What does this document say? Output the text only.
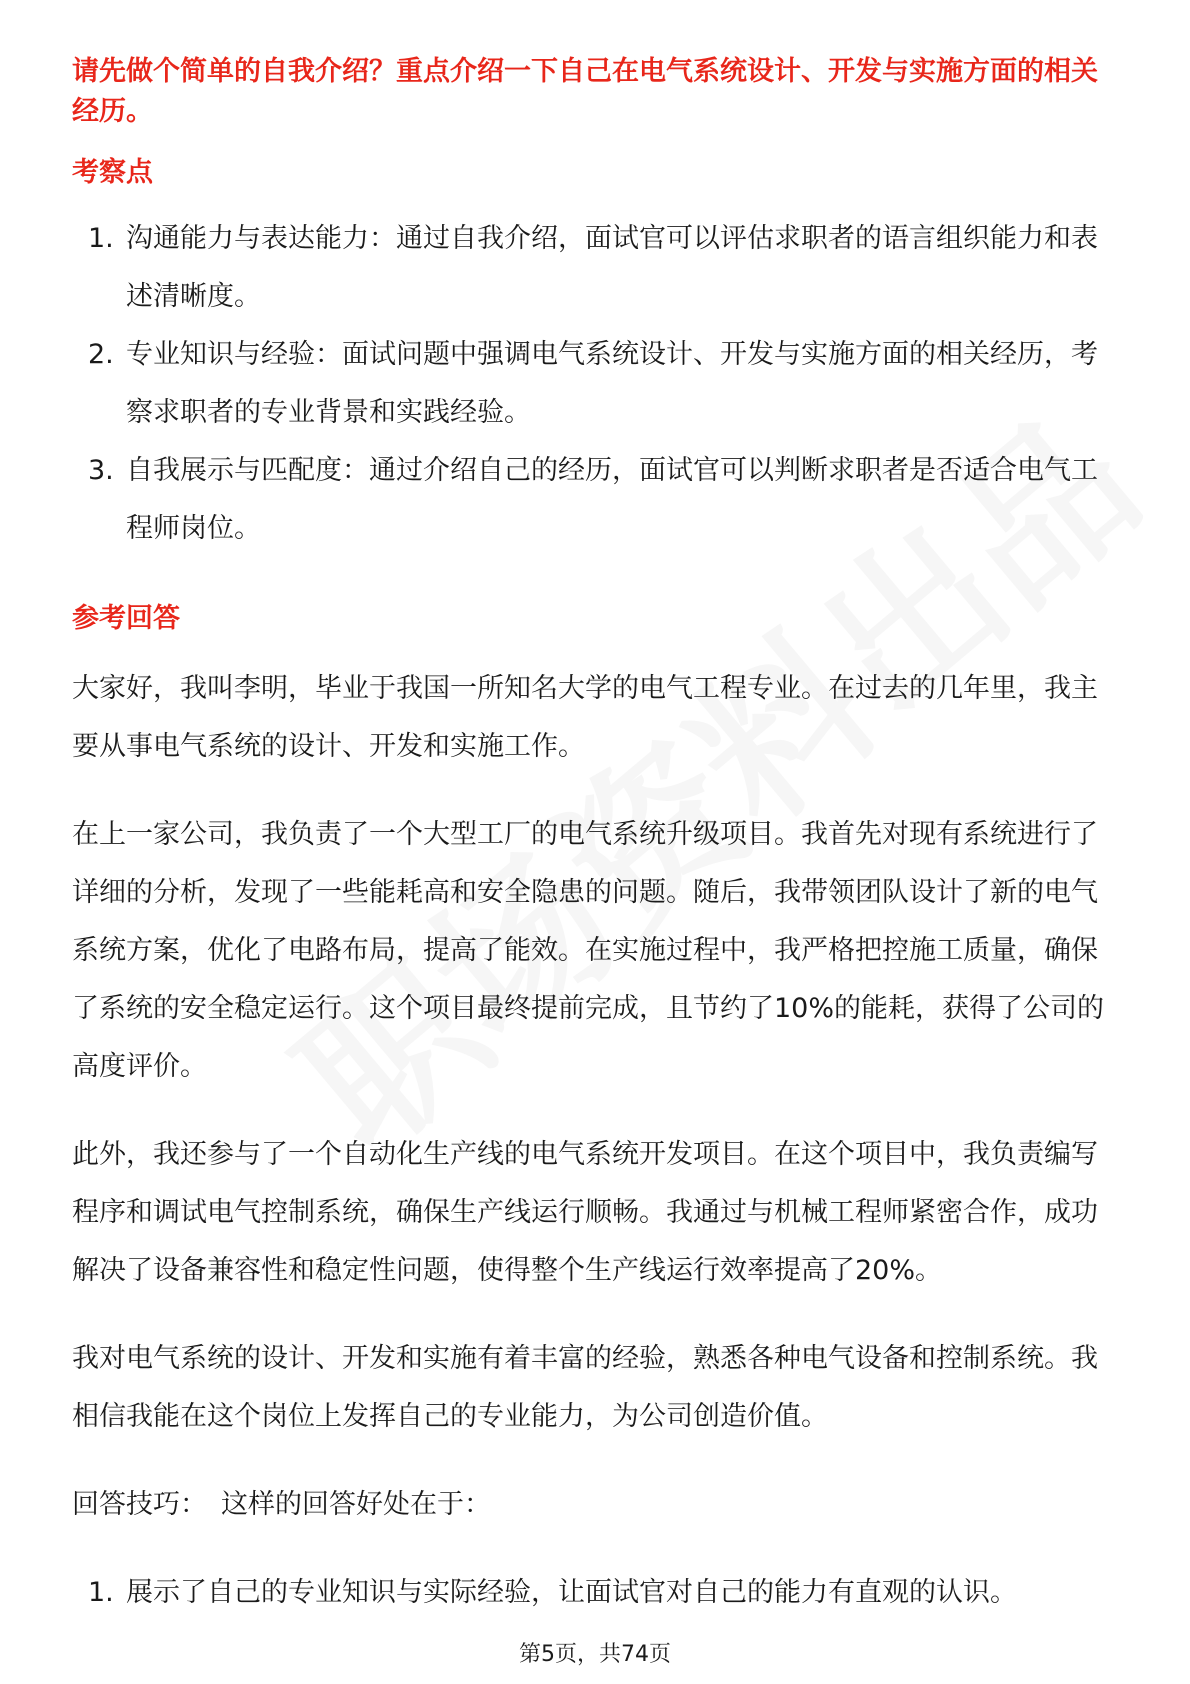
请先做个简单的自我介绍？重点介绍一下自己在电气系统设计、开发与实施方面的相关经历。

考察点

1. 沟通能力与表达能力：通过自我介绍，面试官可以评估求职者的语言组织能力和表述清晰度。
2. 专业知识与经验：面试问题中强调电气系统设计、开发与实施方面的相关经历，考察求职者的专业背景和实践经验。
3. 自我展示与匹配度：通过介绍自己的经历，面试官可以判断求职者是否适合电气工程师岗位。

参考回答

大家好，我叫李明，毕业于我国一所知名大学的电气工程专业。在过去的几年里，我主要从事电气系统的设计、开发和实施工作。

在上一家公司，我负责了一个大型工厂的电气系统升级项目。我首先对现有系统进行了详细的分析，发现了一些能耗高和安全隐患的问题。随后，我带领团队设计了新的电气系统方案，优化了电路布局，提高了能效。在实施过程中，我严格把控施工质量，确保了系统的安全稳定运行。这个项目最终提前完成，且节约了10%的能耗，获得了公司的高度评价。

此外，我还参与了一个自动化生产线的电气系统开发项目。在这个项目中，我负责编写程序和调试电气控制系统，确保生产线运行顺畅。我通过与机械工程师紧密合作，成功解决了设备兼容性和稳定性问题，使得整个生产线运行效率提高了20%。

我对电气系统的设计、开发和实施有着丰富的经验，熟悉各种电气设备和控制系统。我相信我能在这个岗位上发挥自己的专业能力，为公司创造价值。

回答技巧： 这样的回答好处在于：

1. 展示了自己的专业知识与实际经验，让面试官对自己的能力有直观的认识。
第5页，共74页
